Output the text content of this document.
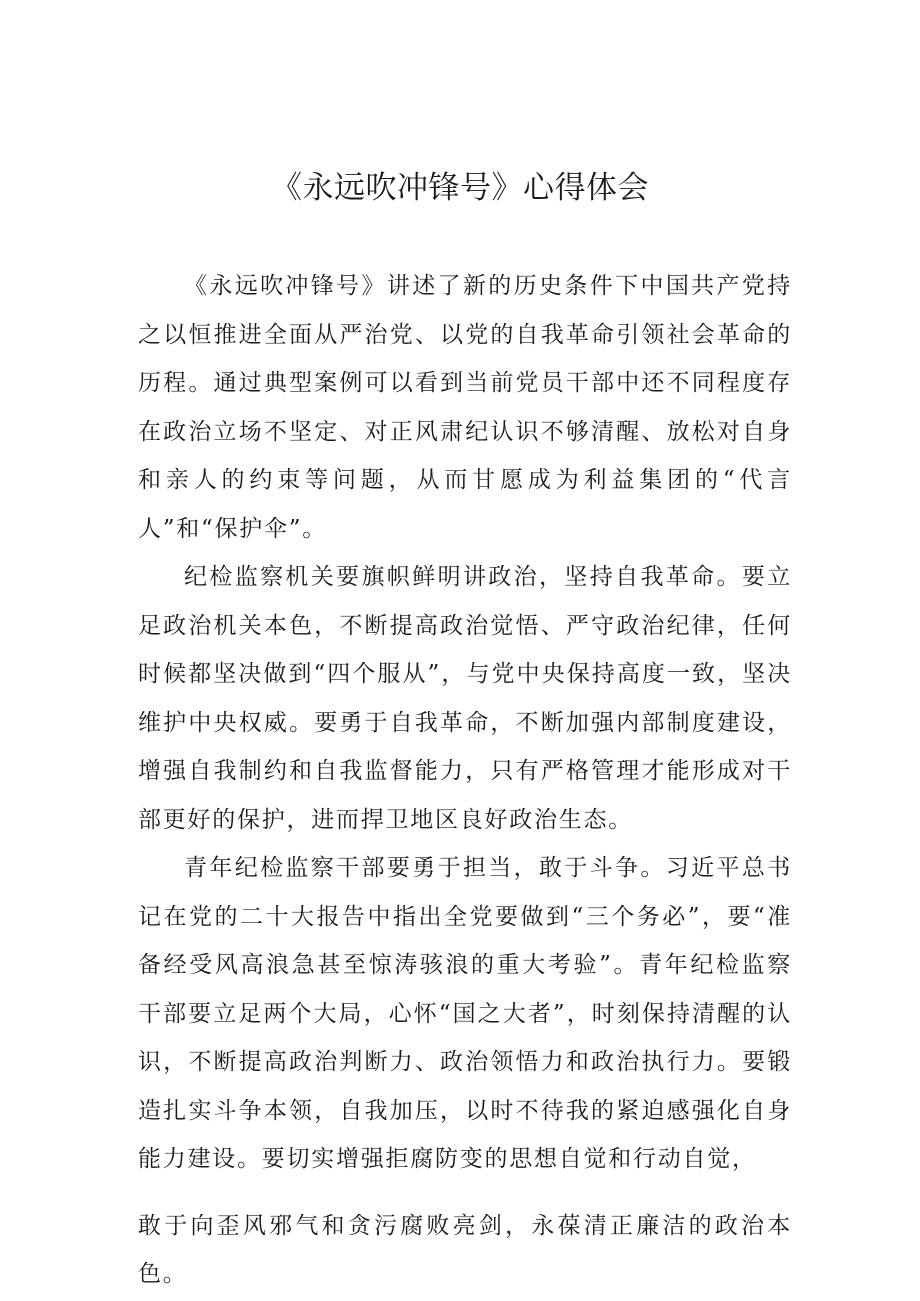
《永远吹冲锋号》心得体会

《永远吹冲锋号》讲述了新的历史条件下中国共产党持之以恒推进全面从严治党、以党的自我革命引领社会革命的历程。通过典型案例可以看到当前党员干部中还不同程度存在政治立场不坚定、对正风肃纪认识不够清醒、放松对自身和亲人的约束等问题，从而甘愿成为利益集团的“代言人”和“保护伞”。

纪检监察机关要旗帜鲜明讲政治，坚持自我革命。要立足政治机关本色，不断提高政治觉悟、严守政治纪律，任何时候都坚决做到“四个服从”，与党中央保持高度一致，坚决维护中央权威。要勇于自我革命，不断加强内部制度建设，增强自我制约和自我监督能力，只有严格管理才能形成对干部更好的保护，进而捍卫地区良好政治生态。

青年纪检监察干部要勇于担当，敢于斗争。习近平总书记在党的二十大报告中指出全党要做到“三个务必”，要“准备经受风高浪急甚至惊涛骇浪的重大考验”。青年纪检监察干部要立足两个大局，心怀“国之大者”，时刻保持清醒的认识，不断提高政治判断力、政治领悟力和政治执行力。要锻造扎实斗争本领，自我加压，以时不待我的紧迫感强化自身能力建设。要切实增强拒腐防变的思想自觉和行动自觉，

敢于向歪风邪气和贪污腐败亮剑，永葆清正廉洁的政治本色。
